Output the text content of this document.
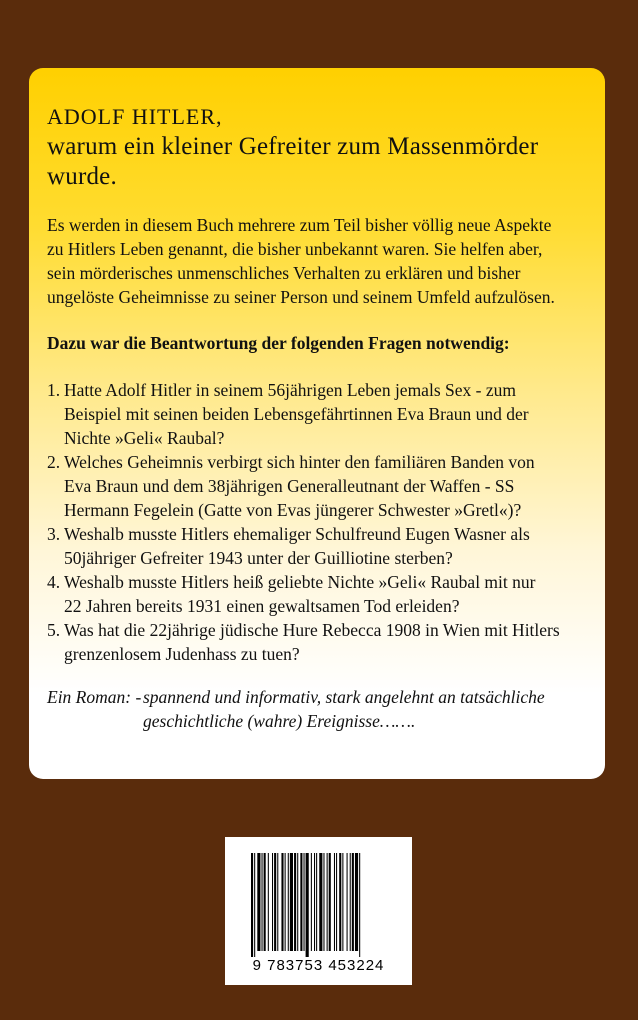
ADOLF HITLER,
warum ein kleiner Gefreiter zum Massenmörder
wurde.
Es werden in diesem Buch mehrere zum Teil bisher völlig neue Aspekte
zu Hitlers Leben genannt, die bisher unbekannt waren. Sie helfen aber,
sein mörderisches unmenschliches Verhalten zu erklären und bisher
ungelöste Geheimnisse zu seiner Person und seinem Umfeld aufzulösen.
Dazu war die Beantwortung der folgenden Fragen notwendig:
1. Hatte Adolf Hitler in seinem 56jährigen Leben jemals Sex - zum
Beispiel mit seinen beiden Lebensgefährtinnen Eva Braun und der
Nichte »Geli« Raubal?
2. Welches Geheimnis verbirgt sich hinter den familiären Banden von
Eva Braun und dem 38jährigen Generalleutnant der Waffen - SS
Hermann Fegelein (Gatte von Evas jüngerer Schwester »Gretl«)?
3. Weshalb musste Hitlers ehemaliger Schulfreund Eugen Wasner als
50jähriger Gefreiter 1943 unter der Guilliotine sterben?
4. Weshalb musste Hitlers heiß geliebte Nichte »Geli« Raubal mit nur
22 Jahren bereits 1931 einen gewaltsamen Tod erleiden?
5. Was hat die 22jährige jüdische Hure Rebecca 1908 in Wien mit Hitlers
grenzenlosem Judenhass zu tuen?
Ein Roman: - spannend und informativ, stark angelehnt an tatsächliche
geschichtliche (wahre) Ereignisse…….
9 783753 453224
